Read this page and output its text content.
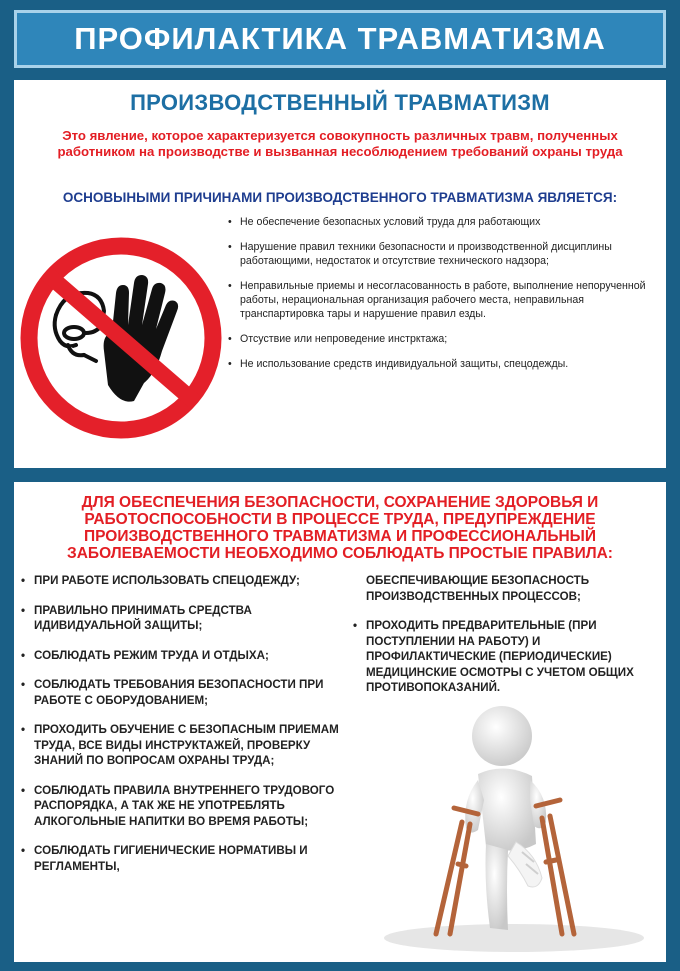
ПРОФИЛАКТИКА ТРАВМАТИЗМА
ПРОИЗВОДСТВЕННЫЙ ТРАВМАТИЗМ
Это явление, которое характеризуется совокупность различных травм, полученных работником на производстве и вызванная несоблюдением требований охраны труда
ОСНОВЫНЫМИ ПРИЧИНАМИ ПРОИЗВОДСТВЕННОГО ТРАВМАТИЗМА ЯВЛЯЕТСЯ:
• Не обеспечение безопасных условий труда для работающих
• Нарушение правил техники безопасности и производственной дисциплины работающими, недостаток и отсутствие технического надзора;
• Неправильные приемы и несогласованность в работе, выполнение непорученной работы, нерациональная организация рабочего места, неправильная транспартировка тары и нарушение правил езды.
• Отсуствие или непроведение инстрктажа;
• Не использование средств индивидуальной защиты, спецодежды.
ДЛЯ ОБЕСПЕЧЕНИЯ БЕЗОПАСНОСТИ, СОХРАНЕНИЕ ЗДОРОВЬЯ И РАБОТОСПОСОБНОСТИ В ПРОЦЕССЕ ТРУДА, ПРЕДУПРЕЖДЕНИЕ ПРОИЗВОДСТВЕННОГО ТРАВМАТИЗМА И ПРОФЕССИОНАЛЬНЫЙ ЗАБОЛЕВАЕМОСТИ НЕОБХОДИМО СОБЛЮДАТЬ ПРОСТЫЕ ПРАВИЛА:
• ПРИ РАБОТЕ ИСПОЛЬЗОВАТЬ СПЕЦОДЕЖДУ;
• ПРАВИЛЬНО ПРИНИМАТЬ СРЕДСТВА ИДИВИДУАЛЬНОЙ ЗАЩИТЫ;
• СОБЛЮДАТЬ РЕЖИМ ТРУДА И ОТДЫХА;
• СОБЛЮДАТЬ ТРЕБОВАНИЯ БЕЗОПАСНОСТИ ПРИ РАБОТЕ С ОБОРУДОВАНИЕМ;
• ПРОХОДИТЬ ОБУЧЕНИЕ С БЕЗОПАСНЫМ ПРИЕМАМ ТРУДА, ВСЕ ВИДЫ ИНСТРУКТАЖЕЙ, ПРОВЕРКУ ЗНАНИЙ ПО ВОПРОСАМ ОХРАНЫ ТРУДА;
• СОБЛЮДАТЬ ПРАВИЛА ВНУТРЕННЕГО ТРУДОВОГО РАСПОРЯДКА, А ТАК ЖЕ НЕ УПОТРЕБЛЯТЬ АЛКОГОЛЬНЫЕ НАПИТКИ ВО ВРЕМЯ РАБОТЫ;
• СОБЛЮДАТЬ ГИГИЕНИЧЕСКИЕ НОРМАТИВЫ И РЕГЛАМЕНТЫ,
ОБЕСПЕЧИВАЮЩИЕ БЕЗОПАСНОСТЬ ПРОИЗВОДСТВЕННЫХ ПРОЦЕССОВ;
• ПРОХОДИТЬ ПРЕДВАРИТЕЛЬНЫЕ (ПРИ ПОСТУПЛЕНИИ НА РАБОТУ) И ПРОФИЛАКТИЧЕСКИЕ (ПЕРИОДИЧЕСКИЕ) МЕДИЦИНСКИЕ ОСМОТРЫ С УЧЕТОМ ОБЩИХ ПРОТИВОПОКАЗАНИЙ.
